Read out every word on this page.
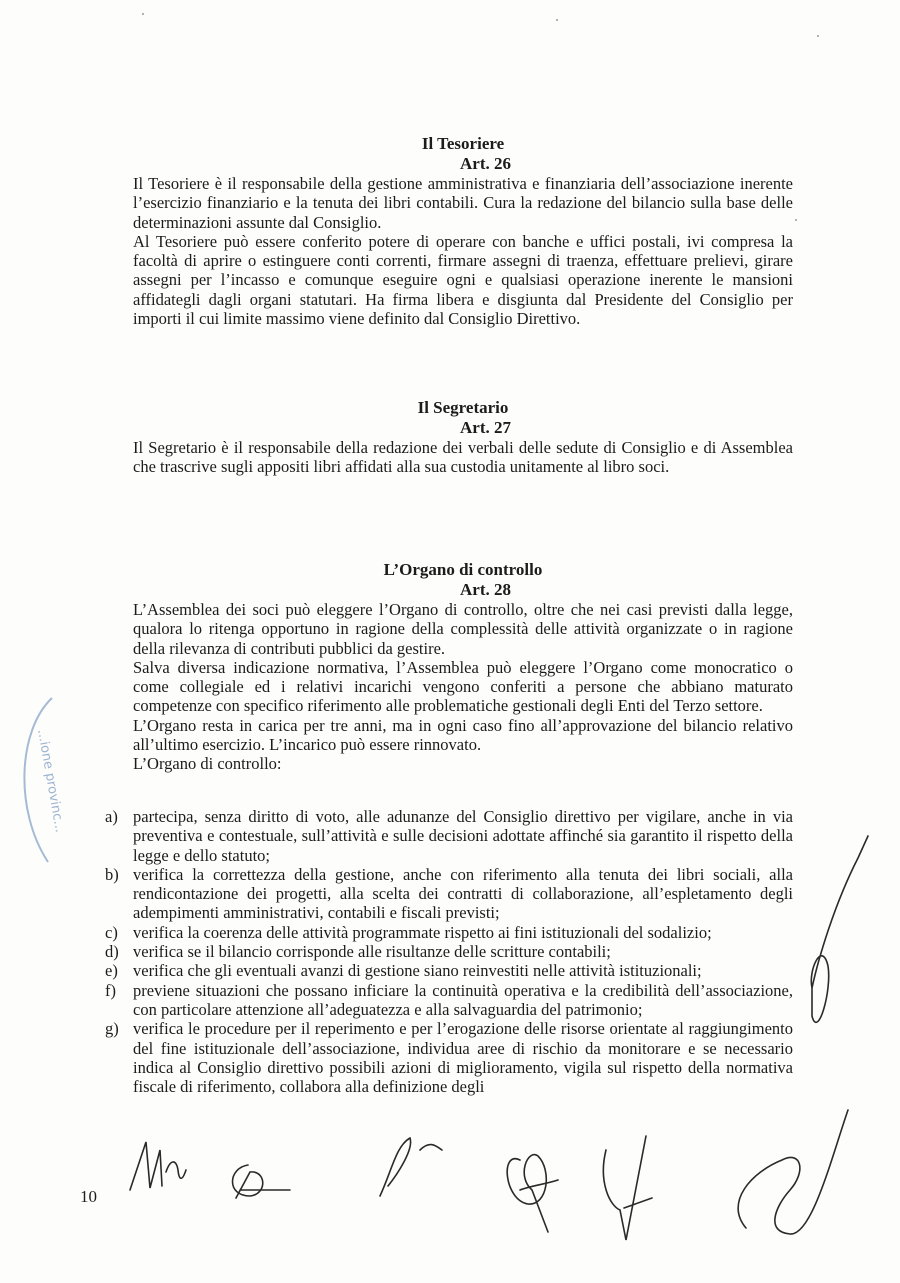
Il Tesoriere

Art. 26

Il Tesoriere è il responsabile della gestione amministrativa e finanziaria dell’associazione inerente l’esercizio finanziario e la tenuta dei libri contabili. Cura la redazione del bilancio sulla base delle determinazioni assunte dal Consiglio.

Al Tesoriere può essere conferito potere di operare con banche e uffici postali, ivi compresa la facoltà di aprire o estinguere conti correnti, firmare assegni di traenza, effettuare prelievi, girare assegni per l’incasso e comunque eseguire ogni e qualsiasi operazione inerente le mansioni affidategli dagli organi statutari. Ha firma libera e disgiunta dal Presidente del Consiglio per importi il cui limite massimo viene definito dal Consiglio Direttivo.

Il Segretario

Art. 27

Il Segretario è il responsabile della redazione dei verbali delle sedute di Consiglio e di Assemblea che trascrive sugli appositi libri affidati alla sua custodia unitamente al libro soci.

L’Organo di controllo

Art. 28

L’Assemblea dei soci può eleggere l’Organo di controllo, oltre che nei casi previsti dalla legge, qualora lo ritenga opportuno in ragione della complessità delle attività organizzate o in ragione della rilevanza di contributi pubblici da gestire.

Salva diversa indicazione normativa, l’Assemblea può eleggere l’Organo come monocratico o come collegiale ed i relativi incarichi vengono conferiti a persone che abbiano maturato competenze con specifico riferimento alle problematiche gestionali degli Enti del Terzo settore.

L’Organo resta in carica per tre anni, ma in ogni caso fino all’approvazione del bilancio relativo all’ultimo esercizio. L’incarico può essere rinnovato.

L’Organo di controllo:

a) partecipa, senza diritto di voto, alle adunanze del Consiglio direttivo per vigilare, anche in via preventiva e contestuale, sull’attività e sulle decisioni adottate affinché sia garantito il rispetto della legge e dello statuto;
b) verifica la correttezza della gestione, anche con riferimento alla tenuta dei libri sociali, alla rendicontazione dei progetti, alla scelta dei contratti di collaborazione, all’espletamento degli adempimenti amministrativi, contabili e fiscali previsti;
c) verifica la coerenza delle attività programmate rispetto ai fini istituzionali del sodalizio;
d) verifica se il bilancio corrisponde alle risultanze delle scritture contabili;
e) verifica che gli eventuali avanzi di gestione siano reinvestiti nelle attività istituzionali;
f) previene situazioni che possano inficiare la continuità operativa e la credibilità dell’associazione, con particolare attenzione all’adeguatezza e alla salvaguardia del patrimonio;
g) verifica le procedure per il reperimento e per l’erogazione delle risorse orientate al raggiungimento del fine istituzionale dell’associazione, individua aree di rischio da monitorare e se necessario indica al Consiglio direttivo possibili azioni di miglioramento, vigila sul rispetto della normativa fiscale di riferimento, collabora alla definizione degli
...ione provinc...
10
